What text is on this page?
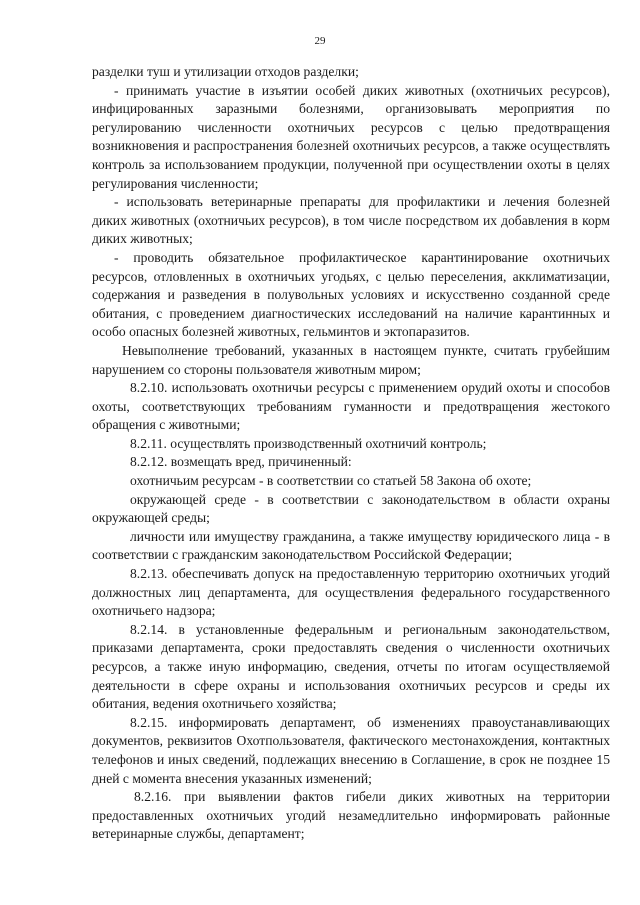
29

разделки туш и утилизации отходов разделки;

- принимать участие в изъятии особей диких животных (охотничьих ресурсов), инфицированных заразными болезнями, организовывать мероприятия по регулированию численности охотничьих ресурсов с целью предотвращения возникновения и распространения болезней охотничьих ресурсов, а также осуществлять контроль за использованием продукции, полученной при осуществлении охоты в целях регулирования численности;

- использовать ветеринарные препараты для профилактики и лечения болезней диких животных (охотничьих ресурсов), в том числе посредством их добавления в корм диких животных;

- проводить обязательное профилактическое карантинирование охотничьих ресурсов, отловленных в охотничьих угодьях, с целью переселения, акклиматизации, содержания и разведения в полувольных условиях и искусственно созданной среде обитания, с проведением диагностических исследований на наличие карантинных и особо опасных болезней животных, гельминтов и эктопаразитов.

Невыполнение требований, указанных в настоящем пункте, считать грубейшим нарушением со стороны пользователя животным миром;

8.2.10. использовать охотничьи ресурсы с применением орудий охоты и способов охоты, соответствующих требованиям гуманности и предотвращения жестокого обращения с животными;

8.2.11. осуществлять производственный охотничий контроль;

8.2.12. возмещать вред, причиненный:

охотничьим ресурсам - в соответствии со статьей 58 Закона об охоте;

окружающей среде - в соответствии с законодательством в области охраны окружающей среды;

личности или имуществу гражданина, а также имуществу юридического лица - в соответствии с гражданским законодательством Российской Федерации;

8.2.13. обеспечивать допуск на предоставленную территорию охотничьих угодий должностных лиц департамента, для осуществления федерального государственного охотничьего надзора;

8.2.14. в установленные федеральным и региональным законодательством, приказами департамента, сроки предоставлять сведения о численности охотничьих ресурсов, а также иную информацию, сведения, отчеты по итогам осуществляемой деятельности в сфере охраны и использования охотничьих ресурсов и среды их обитания, ведения охотничьего хозяйства;

8.2.15. информировать департамент, об изменениях правоустанавливающих документов, реквизитов Охотпользователя, фактического местонахождения, контактных телефонов и иных сведений, подлежащих внесению в Соглашение, в срок не позднее 15 дней с момента внесения указанных изменений;

8.2.16. при выявлении фактов гибели диких животных на территории предоставленных охотничьих угодий незамедлительно информировать районные ветеринарные службы, департамент;
